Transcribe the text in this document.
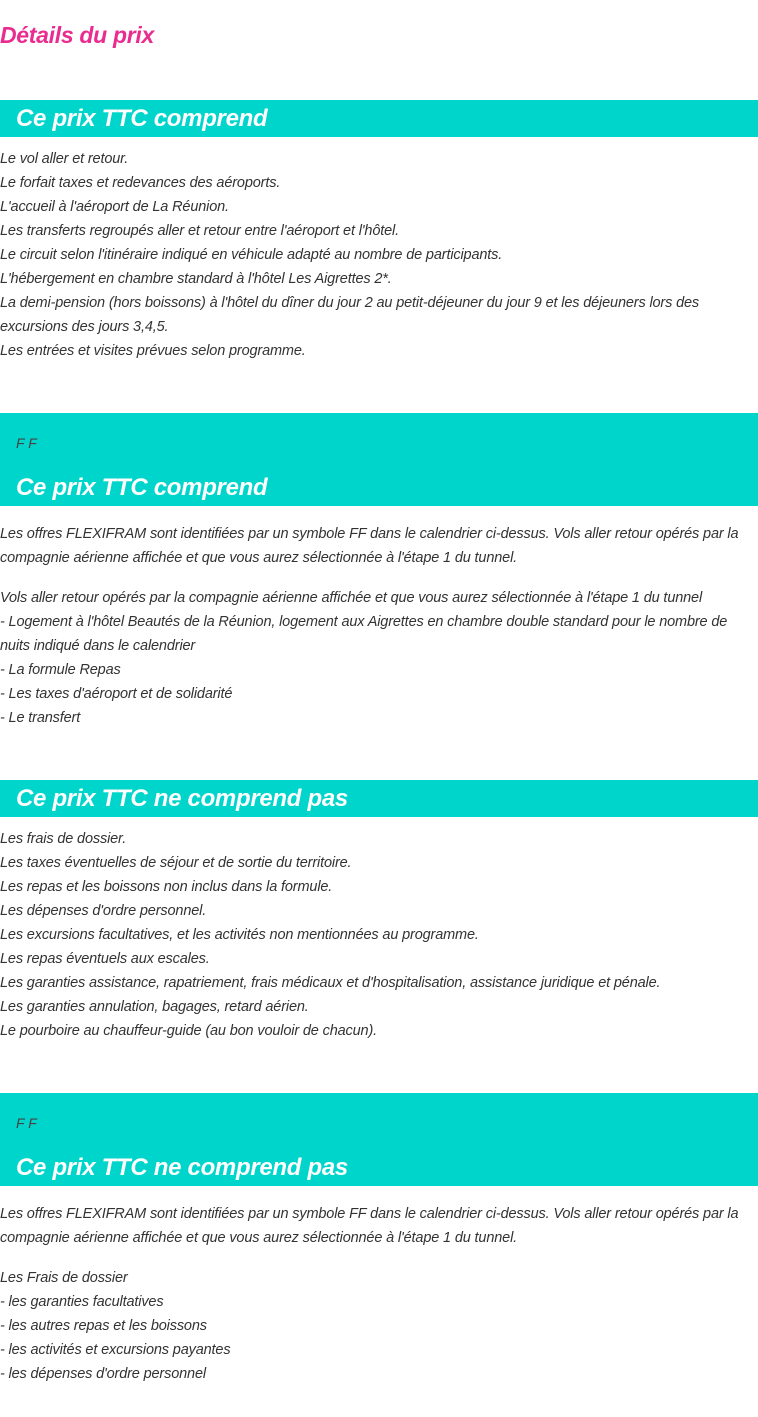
Détails du prix
Ce prix TTC comprend
Le vol aller et retour.
Le forfait taxes et redevances des aéroports.
L'accueil à l'aéroport de La Réunion.
Les transferts regroupés aller et retour entre l'aéroport et l'hôtel.
Le circuit selon l'itinéraire indiqué en véhicule adapté au nombre de participants.
L'hébergement en chambre standard à l'hôtel Les Aigrettes 2*.
La demi-pension (hors boissons) à l'hôtel du dîner du jour 2 au petit-déjeuner du jour 9 et les déjeuners lors des excursions des jours 3,4,5.
Les entrées et visites prévues selon programme.
F F
Ce prix TTC comprend
Les offres FLEXIFRAM sont identifiées par un symbole FF dans le calendrier ci-dessus. Vols aller retour opérés par la compagnie aérienne affichée et que vous aurez sélectionnée à l'étape 1 du tunnel.
Vols aller retour opérés par la compagnie aérienne affichée et que vous aurez sélectionnée à l'étape 1 du tunnel
- Logement à l'hôtel Beautés de la Réunion, logement aux Aigrettes en chambre double standard pour le nombre de nuits indiqué dans le calendrier
- La formule Repas
- Les taxes d'aéroport et de solidarité
- Le transfert
Ce prix TTC ne comprend pas
Les frais de dossier.
Les taxes éventuelles de séjour et de sortie du territoire.
Les repas et les boissons non inclus dans la formule.
Les dépenses d'ordre personnel.
Les excursions facultatives, et les activités non mentionnées au programme.
Les repas éventuels aux escales.
Les garanties assistance, rapatriement, frais médicaux et d'hospitalisation, assistance juridique et pénale.
Les garanties annulation, bagages, retard aérien.
Le pourboire au chauffeur-guide (au bon vouloir de chacun).
F F
Ce prix TTC ne comprend pas
Les offres FLEXIFRAM sont identifiées par un symbole FF dans le calendrier ci-dessus. Vols aller retour opérés par la compagnie aérienne affichée et que vous aurez sélectionnée à l'étape 1 du tunnel.
Les Frais de dossier
- les garanties facultatives
- les autres repas et les boissons
- les activités et excursions payantes
- les dépenses d'ordre personnel
